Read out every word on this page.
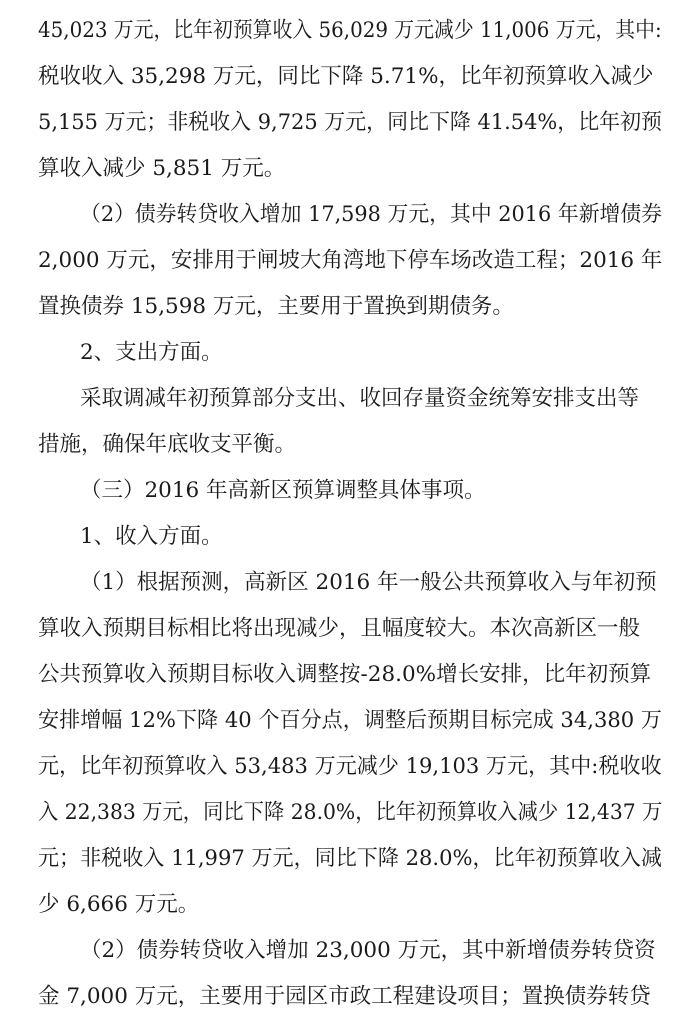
45,023 万元，比年初预算收入 56,029 万元减少 11,006 万元，其中:
税收收入 35,298 万元，同比下降 5.71%，比年初预算收入减少
5,155 万元；非税收入 9,725 万元，同比下降 41.54%，比年初预
算收入减少 5,851 万元。
（2）债券转贷收入增加 17,598 万元，其中 2016 年新增债券
2,000 万元，安排用于闸坡大角湾地下停车场改造工程；2016 年
置换债券 15,598 万元，主要用于置换到期债务。
2、支出方面。
采取调减年初预算部分支出、收回存量资金统筹安排支出等
措施，确保年底收支平衡。
（三）2016 年高新区预算调整具体事项。
1、收入方面。
（1）根据预测，高新区 2016 年一般公共预算收入与年初预
算收入预期目标相比将出现减少，且幅度较大。本次高新区一般
公共预算收入预期目标收入调整按-28.0%增长安排，比年初预算
安排增幅 12%下降 40 个百分点，调整后预期目标完成 34,380 万
元，比年初预算收入 53,483 万元减少 19,103 万元，其中:税收收
入 22,383 万元，同比下降 28.0%，比年初预算收入减少 12,437 万
元；非税收入 11,997 万元，同比下降 28.0%，比年初预算收入减
少 6,666 万元。
（2）债券转贷收入增加 23,000 万元，其中新增债券转贷资
金 7,000 万元，主要用于园区市政工程建设项目；置换债券转贷
